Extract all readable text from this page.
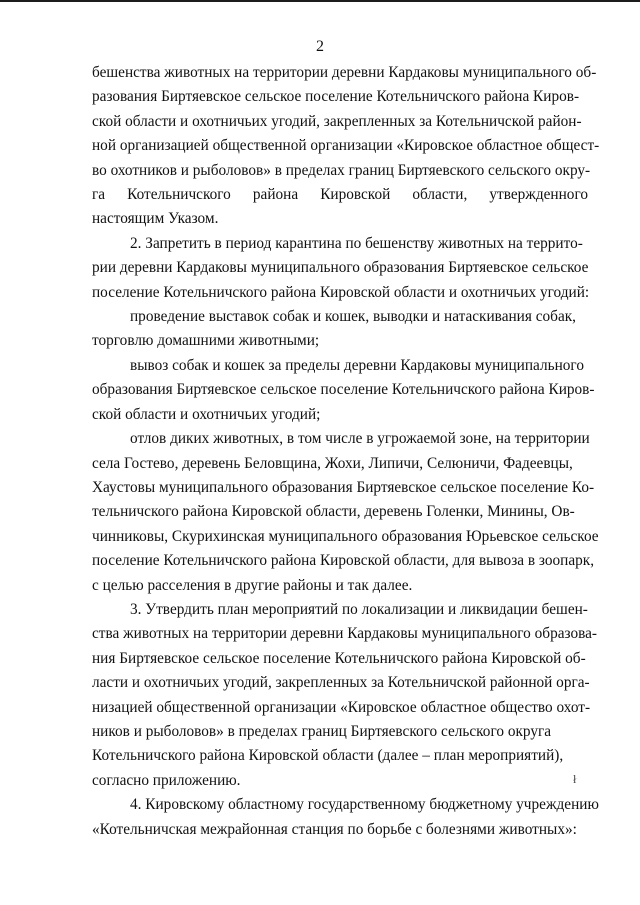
2

бешенства животных на территории деревни Кардаковы муниципального об-
разования Биртяевское сельское поселение Котельничского района Киров-
ской области и охотничьих угодий, закрепленных за Котельничской район-
ной организацией общественной организации «Кировское областное общест-
во охотников и рыболовов» в пределах границ Биртяевского сельского окру-
га Котельничского района Кировской области, утвержденного
настоящим Указом.

2. Запретить в период карантина по бешенству животных на террито-

рии деревни Кардаковы муниципального образования Биртяевское сельское
поселение Котельничского района Кировской области и охотничьих угодий:

проведение выставок собак и кошек, выводки и натаскивания собак,

торговлю домашними животными;

вывоз собак и кошек за пределы деревни Кардаковы муниципального

образования Биртяевское сельское поселение Котельничского района Киров-
ской области и охотничьих угодий;

отлов диких животных, в том числе в угрожаемой зоне, на территории

села Гостево, деревень Беловщина, Жохи, Липичи, Селюничи, Фадеевцы,
Хаустовы муниципального образования Биртяевское сельское поселение Ко-
тельничского района Кировской области, деревень Голенки, Минины, Ов-
чинниковы, Скурихинская муниципального образования Юрьевское сельское
поселение Котельничского района Кировской области, для вывоза в зоопарк,
с целью расселения в другие районы и так далее.

3. Утвердить план мероприятий по локализации и ликвидации бешен-

ства животных на территории деревни Кардаковы муниципального образова-
ния Биртяевское сельское поселение Котельничского района Кировской об-
ласти и охотничьих угодий, закрепленных за Котельничской районной орга-
низацией общественной организации «Кировское областное общество охот-
ников и рыболовов» в пределах границ Биртяевского сельского округа
Котельничского района Кировской области (далее – план мероприятий),
согласно приложению.

4. Кировскому областному государственному бюджетному учреждению

«Котельничская межрайонная станция по борьбе с болезнями животных»:

ł
